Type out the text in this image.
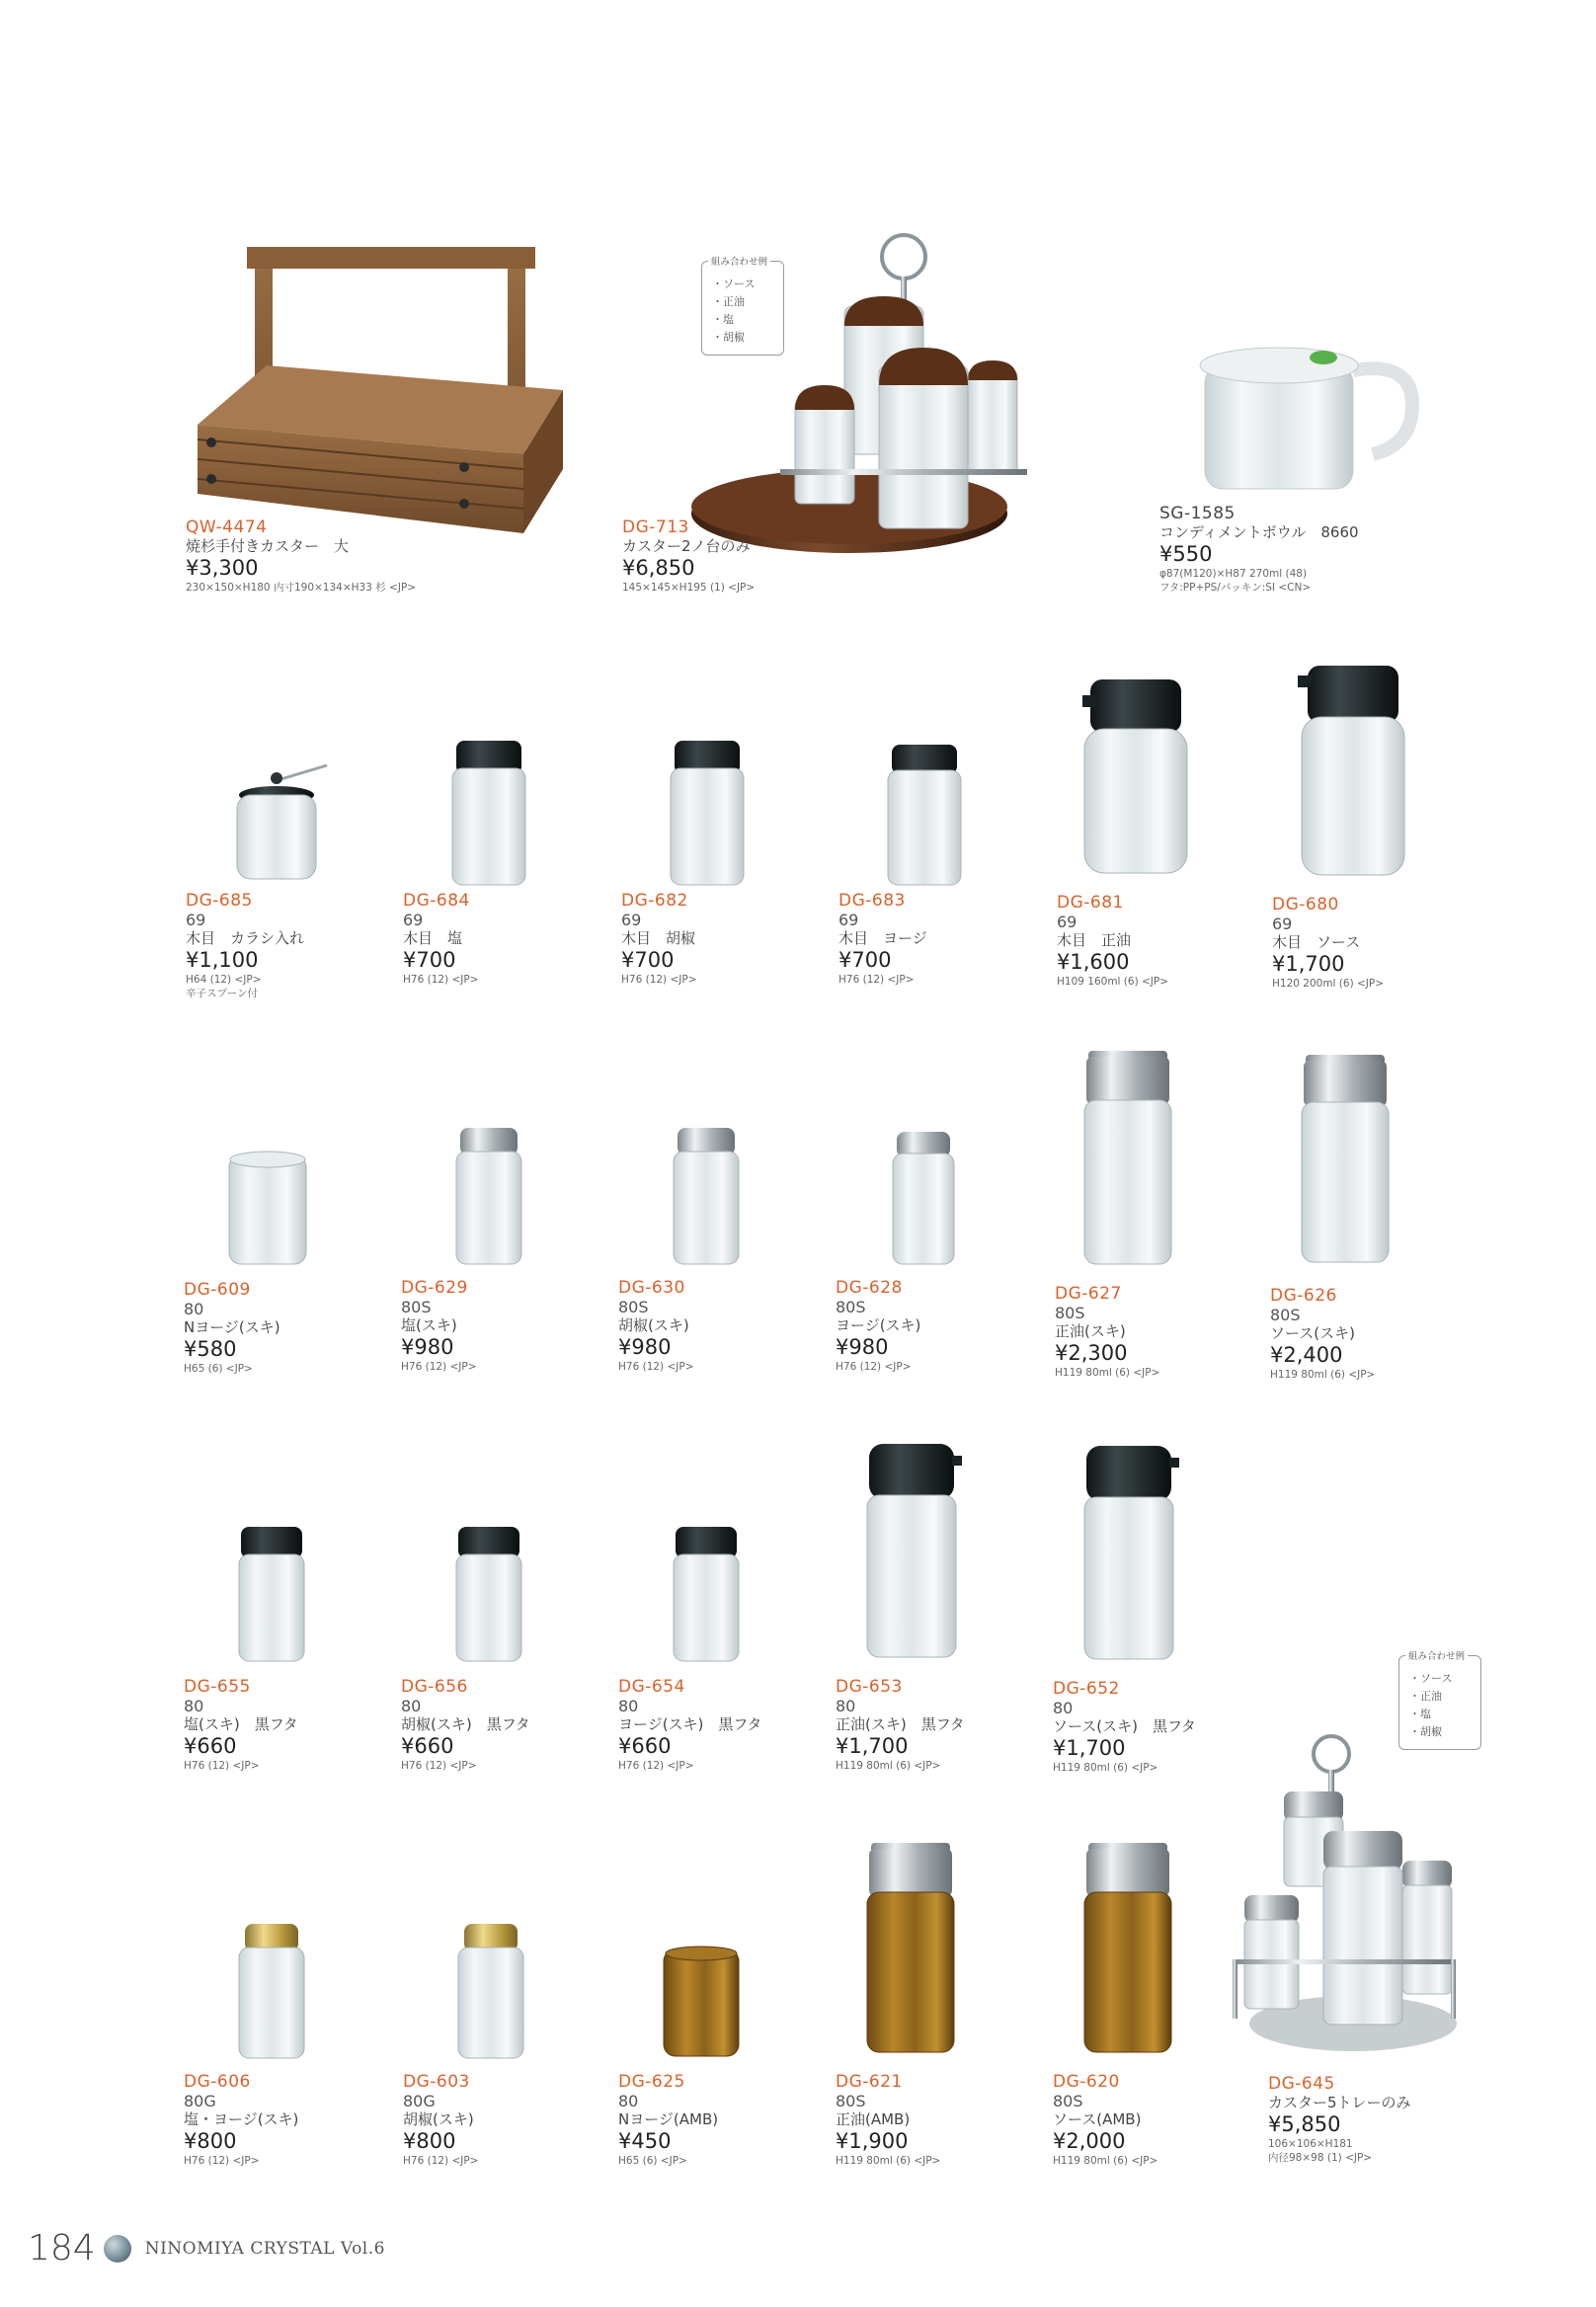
QW-4474
焼杉手付きカスター　大
¥3,300
230×150×H180 内寸190×134×H33 杉 <JP>
組み合わせ例
・ソース
・正油
・塩
・胡椒
DG-713
カスター2ノ台のみ
¥6,850
145×145×H195 (1) <JP>
SG-1585
コンディメントボウル　8660
¥550
φ87(M120)×H87 270ml (48)
フタ:PP+PS/パッキン:SI <CN>
DG-685
69
木目　カラシ入れ
¥1,100
H64 (12) <JP>
辛子スプーン付
DG-684
69
木目　塩
¥700
H76 (12) <JP>
DG-682
69
木目　胡椒
¥700
H76 (12) <JP>
DG-683
69
木目　ヨージ
¥700
H76 (12) <JP>
DG-681
69
木目　正油
¥1,600
H109 160ml (6) <JP>
DG-680
69
木目　ソース
¥1,700
H120 200ml (6) <JP>
DG-609
80
Nヨージ(スキ)
¥580
H65 (6) <JP>
DG-629
80S
塩(スキ)
¥980
H76 (12) <JP>
DG-630
80S
胡椒(スキ)
¥980
H76 (12) <JP>
DG-628
80S
ヨージ(スキ)
¥980
H76 (12) <JP>
DG-627
80S
正油(スキ)
¥2,300
H119 80ml (6) <JP>
DG-626
80S
ソース(スキ)
¥2,400
H119 80ml (6) <JP>
DG-655
80
塩(スキ)　黒フタ
¥660
H76 (12) <JP>
DG-656
80
胡椒(スキ)　黒フタ
¥660
H76 (12) <JP>
DG-654
80
ヨージ(スキ)　黒フタ
¥660
H76 (12) <JP>
DG-653
80
正油(スキ)　黒フタ
¥1,700
H119 80ml (6) <JP>
DG-652
80
ソース(スキ)　黒フタ
¥1,700
H119 80ml (6) <JP>
組み合わせ例
・ソース
・正油
・塩
・胡椒
DG-606
80G
塩・ヨージ(スキ)
¥800
H76 (12) <JP>
DG-603
80G
胡椒(スキ)
¥800
H76 (12) <JP>
DG-625
80
Nヨージ(AMB)
¥450
H65 (6) <JP>
DG-621
80S
正油(AMB)
¥1,900
H119 80ml (6) <JP>
DG-620
80S
ソース(AMB)
¥2,000
H119 80ml (6) <JP>
DG-645
カスター5トレーのみ
¥5,850
106×106×H181
内径98×98 (1) <JP>
184	NINOMIYA CRYSTAL Vol.6
